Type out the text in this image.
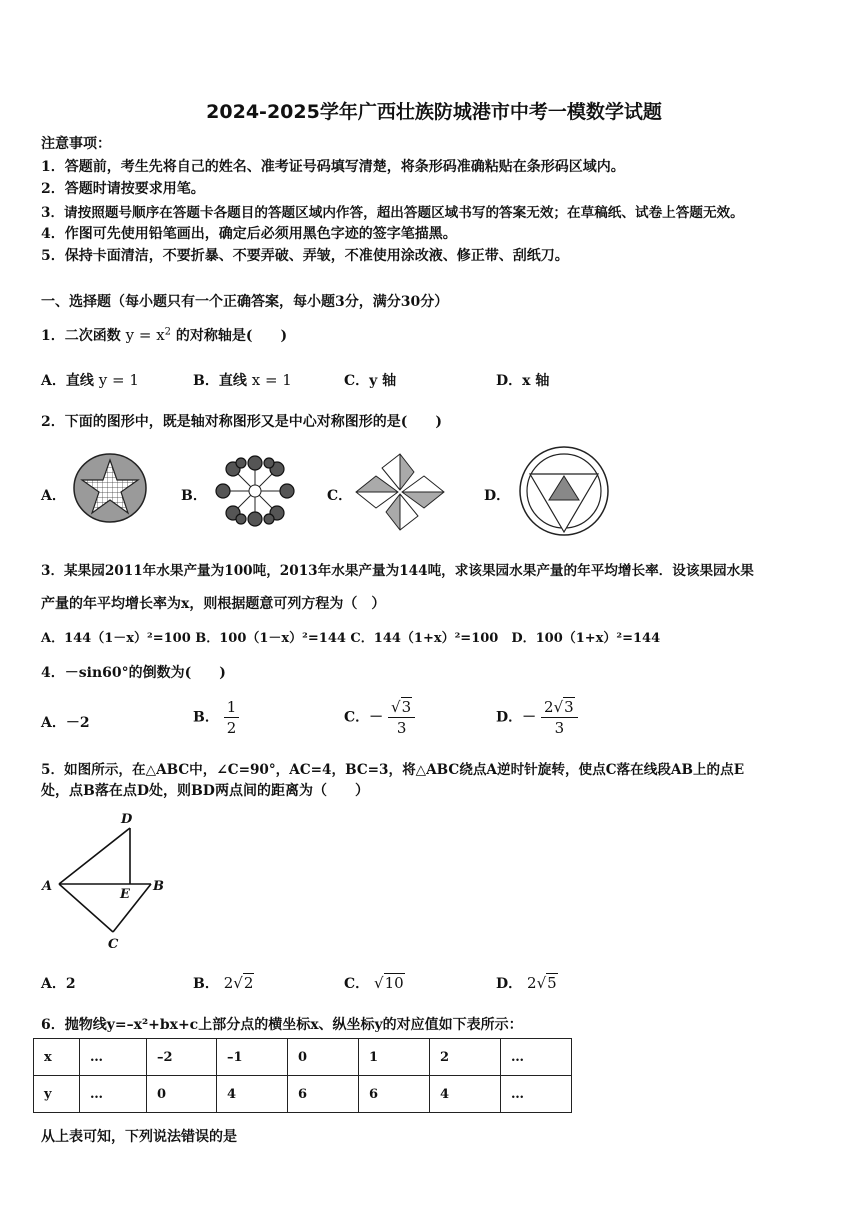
2024-2025学年广西壮族防城港市中考一模数学试题
注意事项：
1．答题前，考生先将自己的姓名、准考证号码填写清楚，将条形码准确粘贴在条形码区域内。
2．答题时请按要求用笔。
3．请按照题号顺序在答题卡各题目的答题区域内作答，超出答题区域书写的答案无效；在草稿纸、试卷上答题无效。
4．作图可先使用铅笔画出，确定后必须用黑色字迹的签字笔描黑。
5．保持卡面清洁，不要折暴、不要弄破、弄皱，不准使用涂改液、修正带、刮纸刀。
一、选择题（每小题只有一个正确答案，每小题3分，满分30分）
1．二次函数 $y = x^2$ 的对称轴是(　　)
A．直线 y = 1	B．直线 x = 1	C．y 轴	D．x 轴
2．下面的图形中，既是轴对称图形又是中心对称图形的是(　　)
A．	B．	C．	D．
3．某果园2011年水果产量为100吨，2013年水果产量为144吨，求该果园水果产量的年平均增长率．设该果园水果
产量的年平均增长率为x，则根据题意可列方程为（　）
A．144（1－x）²=100 B．100（1－x）²=144 C．144（1+x）²=100　D．100（1+x）²=144
4．－sin60°的倒数为(　　)
A．－2	B． $\frac{1}{2}$	C．－ $\frac{√3}{3}$	D．－ $\frac{2√3}{3}$
5．如图所示，在△ABC中，∠C=90°，AC=4，BC=3，将△ABC绕点A逆时针旋转，使点C落在线段AB上的点E
处，点B落在点D处，则BD两点间的距离为（　　）
D
A
E
B
C
A．2	B． 2√2	C． √10	D． 2√5
6．抛物线y=–x²+bx+c上部分点的横坐标x、纵坐标y的对应值如下表所示：
x	…	–2	–1	0	1	2	…
y	…	0	4	6	6	4	…
从上表可知，下列说法错误的是
